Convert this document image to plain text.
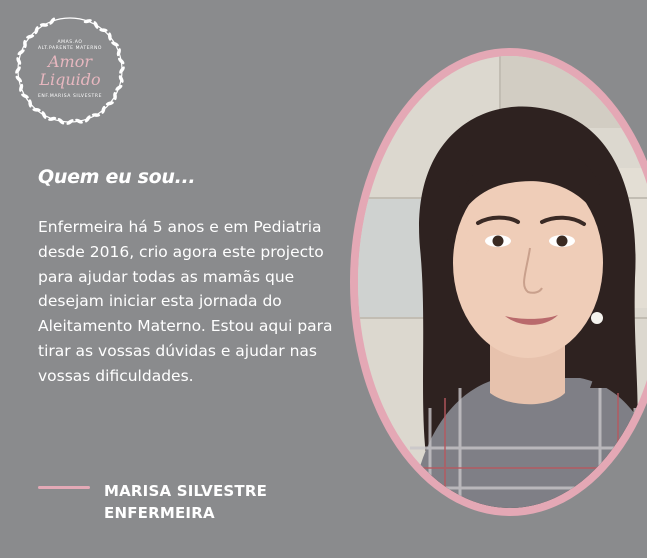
AMAS.AO
ALT.PARENTE MATERNO
Amor
Liquido
ENF.MARISA SILVESTRE
Quem eu sou...
Enfermeira há 5 anos e em Pediatria desde 2016, crio agora este projecto para ajudar todas as mamãs que desejam iniciar esta jornada do Aleitamento Materno. Estou aqui para tirar as vossas dúvidas e ajudar nas vossas dificuldades.
MARISA SILVESTRE
ENFERMEIRA
